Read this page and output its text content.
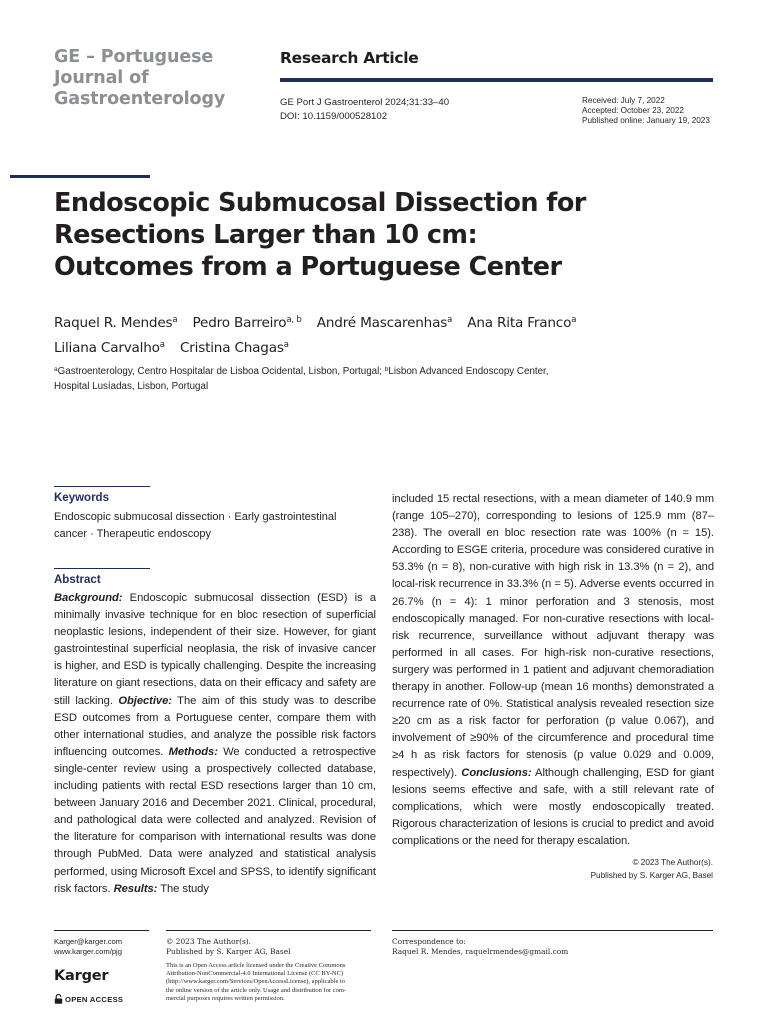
GE – Portuguese
Journal of
Gastroenterology
Research Article
GE Port J Gastroenterol 2024;31:33–40
DOI: 10.1159/000528102
Received: July 7, 2022
Accepted: October 23, 2022
Published online: January 19, 2023
Endoscopic Submucosal Dissection for
Resections Larger than 10 cm:
Outcomes from a Portuguese Center
Raquel R. Mendes$^a$ Pedro Barreiro$^{a, b}$ André Mascarenhas$^a$ Ana Rita Franco$^a$
Liliana Carvalho$^a$ Cristina Chagas$^a$
$^a$Gastroenterology, Centro Hospitalar de Lisboa Ocidental, Lisbon, Portugal; $^b$Lisbon Advanced Endoscopy Center,
Hospital Lusíadas, Lisbon, Portugal
Keywords
Endoscopic submucosal dissection · Early gastrointestinal
cancer · Therapeutic endoscopy
Abstract
Background: Endoscopic submucosal dissection (ESD) is a minimally invasive technique for en bloc resection of superficial neoplastic lesions, independent of their size. However, for giant gastrointestinal superficial neoplasia, the risk of invasive cancer is higher, and ESD is typically challenging. Despite the increasing literature on giant resections, data on their efficacy and safety are still lacking. Objective: The aim of this study was to describe ESD outcomes from a Portuguese center, compare them with other international studies, and analyze the possible risk factors influencing outcomes. Methods: We conducted a retrospective single-center review using a prospectively collected database, including patients with rectal ESD resections larger than 10 cm, between January 2016 and December 2021. Clinical, procedural, and pathological data were collected and analyzed. Revision of the literature for comparison with international results was done through PubMed. Data were analyzed and statistical analysis performed, using Microsoft Excel and SPSS, to identify significant risk factors. Results: The study
included 15 rectal resections, with a mean diameter of 140.9 mm (range 105–270), corresponding to lesions of 125.9 mm (87–238). The overall en bloc resection rate was 100% (n = 15). According to ESGE criteria, procedure was considered curative in 53.3% (n = 8), non-curative with high risk in 13.3% (n = 2), and local-risk recurrence in 33.3% (n = 5). Adverse events occurred in 26.7% (n = 4): 1 minor perforation and 3 stenosis, most endoscopically managed. For non-curative resections with local-risk recurrence, surveillance without adjuvant therapy was performed in all cases. For high-risk non-curative resections, surgery was performed in 1 patient and adjuvant chemoradiation therapy in another. Follow-up (mean 16 months) demonstrated a recurrence rate of 0%. Statistical analysis revealed resection size ≥20 cm as a risk factor for perforation (p value 0.067), and involvement of ≥90% of the circumference and procedural time ≥4 h as risk factors for stenosis (p value 0.029 and 0.009, respectively). Conclusions: Although challenging, ESD for giant lesions seems effective and safe, with a still relevant rate of complications, which were mostly endoscopically treated. Rigorous characterization of lesions is crucial to predict and avoid complications or the need for therapy escalation.
© 2023 The Author(s).
Published by S. Karger AG, Basel
Karger@karger.com
www.karger.com/pjg
Karger
OPEN ACCESS
© 2023 The Author(s).
Published by S. Karger AG, Basel
This is an Open Access article licensed under the Creative Commons
Attribution-NonCommercial-4.0 International License (CC BY-NC)
(http://www.karger.com/Services/OpenAccessLicense), applicable to
the online version of the article only. Usage and distribution for com-
mercial purposes requires written permission.
Correspondence to:
Raquel R. Mendes, raquelrmendes@gmail.com
